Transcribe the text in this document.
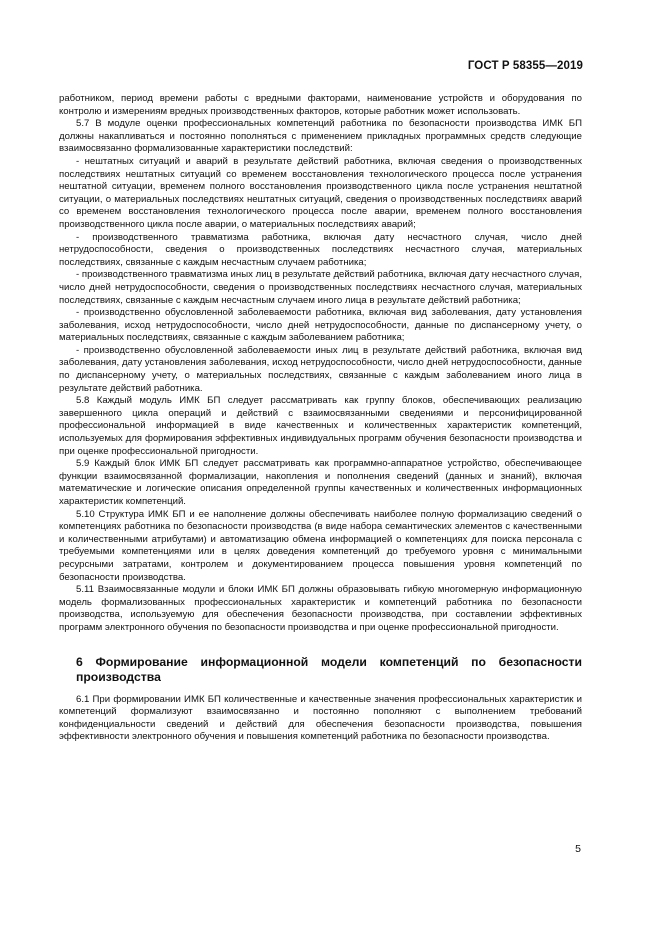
ГОСТ Р 58355—2019

работником, период времени работы с вредными факторами, наименование устройств и оборудования по контролю и измерениям вредных производственных факторов, которые работник может использовать.

5.7 В модуле оценки профессиональных компетенций работника по безопасности производства ИМК БП должны накапливаться и постоянно пополняться с применением прикладных программных средств следующие взаимосвязанно формализованные характеристики последствий:

- нештатных ситуаций и аварий в результате действий работника, включая сведения о производственных последствиях нештатных ситуаций со временем восстановления технологического процесса после устранения нештатной ситуации, временем полного восстановления производственного цикла после устранения нештатной ситуации, о материальных последствиях нештатных ситуаций, сведения о производственных последствиях аварий со временем восстановления технологического процесса после аварии, временем полного восстановления производственного цикла после аварии, о материальных последствиях аварий;

- производственного травматизма работника, включая дату несчастного случая, число дней нетрудоспособности, сведения о производственных последствиях несчастного случая, материальных последствиях, связанные с каждым несчастным случаем работника;

- производственного травматизма иных лиц в результате действий работника, включая дату несчастного случая, число дней нетрудоспособности, сведения о производственных последствиях несчастного случая, материальных последствиях, связанные с каждым несчастным случаем иного лица в результате действий работника;

- производственно обусловленной заболеваемости работника, включая вид заболевания, дату установления заболевания, исход нетрудоспособности, число дней нетрудоспособности, данные по диспансерному учету, о материальных последствиях, связанные с каждым заболеванием работника;

- производственно обусловленной заболеваемости иных лиц в результате действий работника, включая вид заболевания, дату установления заболевания, исход нетрудоспособности, число дней нетрудоспособности, данные по диспансерному учету, о материальных последствиях, связанные с каждым заболеванием иного лица в результате действий работника.

5.8 Каждый модуль ИМК БП следует рассматривать как группу блоков, обеспечивающих реализацию завершенного цикла операций и действий с взаимосвязанными сведениями и персонифицированной профессиональной информацией в виде качественных и количественных характеристик компетенций, используемых для формирования эффективных индивидуальных программ обучения безопасности производства и при оценке профессиональной пригодности.

5.9 Каждый блок ИМК БП следует рассматривать как программно-аппаратное устройство, обеспечивающее функции взаимосвязанной формализации, накопления и пополнения сведений (данных и знаний), включая математические и логические описания определенной группы качественных и количественных информационных характеристик компетенций.

5.10 Структура ИМК БП и ее наполнение должны обеспечивать наиболее полную формализацию сведений о компетенциях работника по безопасности производства (в виде набора семантических элементов с качественными и количественными атрибутами) и автоматизацию обмена информацией о компетенциях для поиска персонала с требуемыми компетенциями или в целях доведения компетенций до требуемого уровня с минимальными ресурсными затратами, контролем и документированием процесса повышения уровня компетенций по безопасности производства.

5.11 Взаимосвязанные модули и блоки ИМК БП должны образовывать гибкую многомерную информационную модель формализованных профессиональных характеристик и компетенций работника по безопасности производства, используемую для обеспечения безопасности производства, при составлении эффективных программ электронного обучения по безопасности производства и при оценке профессиональной пригодности.

6 Формирование информационной модели компетенций по безопасности производства

6.1 При формировании ИМК БП количественные и качественные значения профессиональных характеристик и компетенций формализуют взаимосвязанно и постоянно пополняют с выполнением требований конфиденциальности сведений и действий для обеспечения безопасности производства, повышения эффективности электронного обучения и повышения компетенций работника по безопасности производства.

5
